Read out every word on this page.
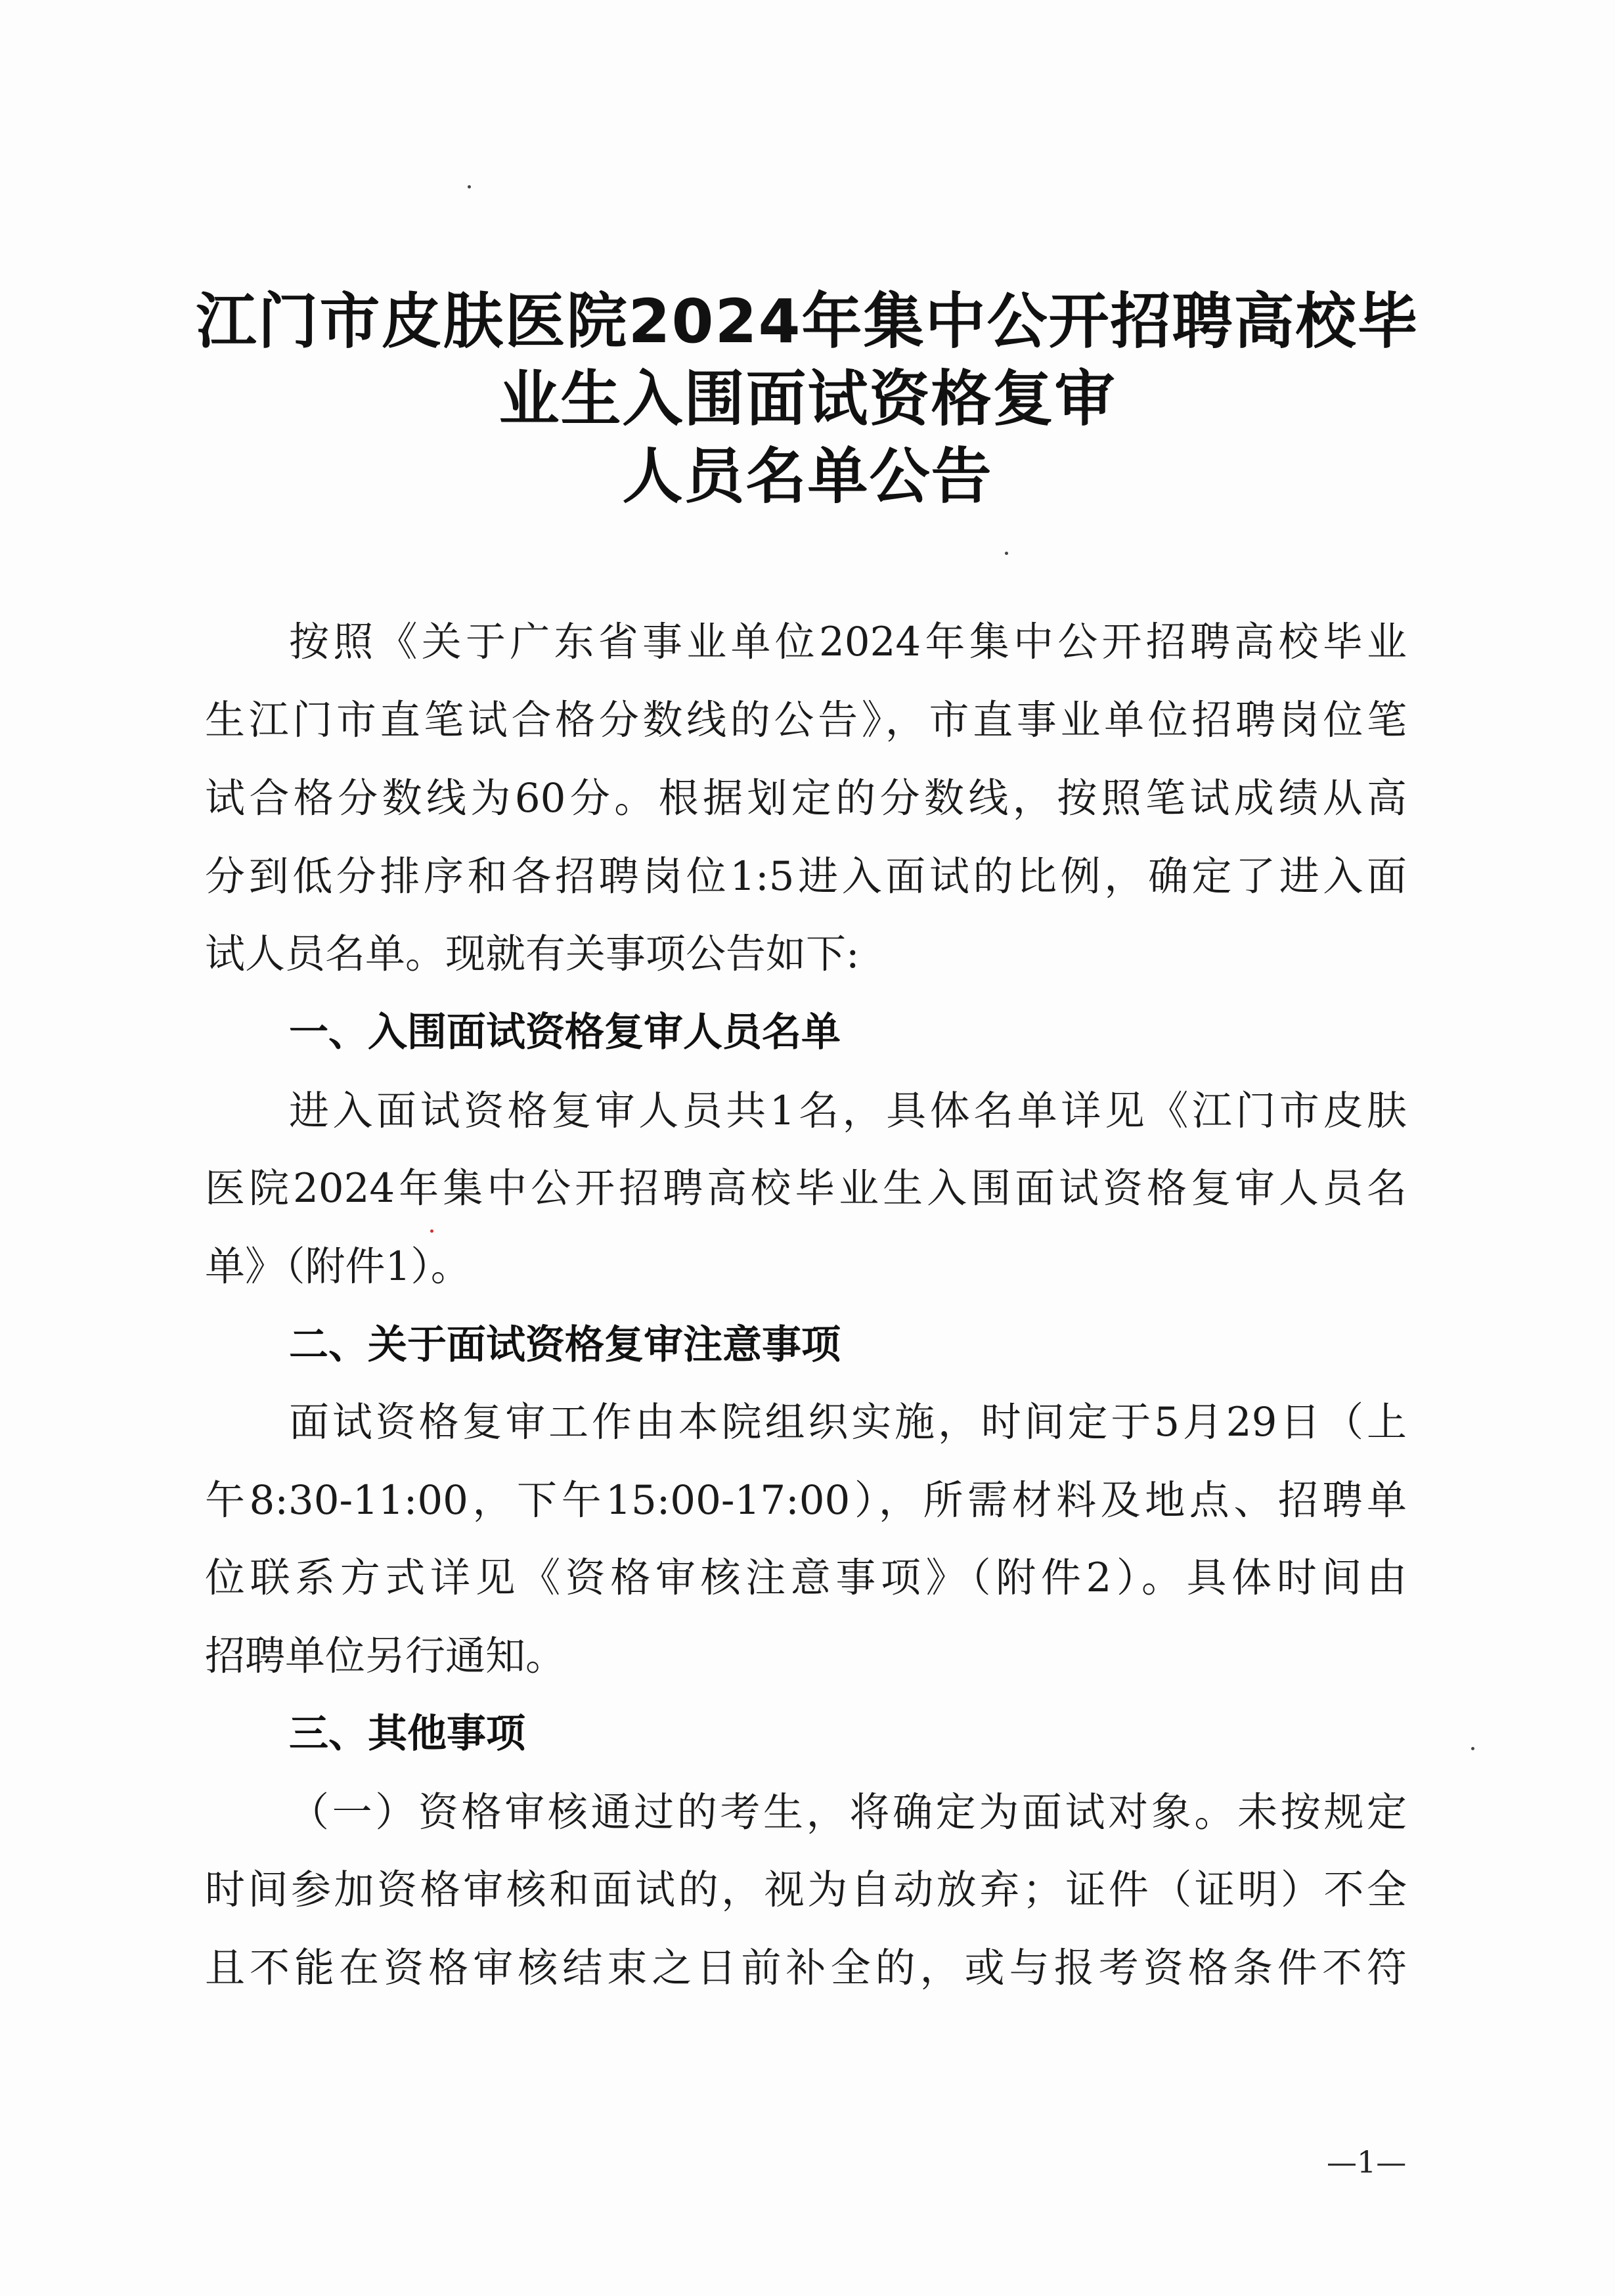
江门市皮肤医院2024年集中公开招聘高校毕
业生入围面试资格复审
人员名单公告
按照《关于广东省事业单位2024年集中公开招聘高校毕业
生江门市直笔试合格分数线的公告》，市直事业单位招聘岗位笔
试合格分数线为60分。根据划定的分数线，按照笔试成绩从高
分到低分排序和各招聘岗位1:5进入面试的比例，确定了进入面
试人员名单。现就有关事项公告如下:
一、入围面试资格复审人员名单
进入面试资格复审人员共1名，具体名单详见《江门市皮肤
医院2024年集中公开招聘高校毕业生入围面试资格复审人员名
单》（附件1）。
二、关于面试资格复审注意事项
面试资格复审工作由本院组织实施，时间定于5月29日（上
午8:30-11:00，下午15:00-17:00），所需材料及地点、招聘单
位联系方式详见《资格审核注意事项》（附件2）。具体时间由
招聘单位另行通知。
三、其他事项
（一）资格审核通过的考生，将确定为面试对象。未按规定
时间参加资格审核和面试的，视为自动放弃；证件（证明）不全
且不能在资格审核结束之日前补全的，或与报考资格条件不符
—1—
